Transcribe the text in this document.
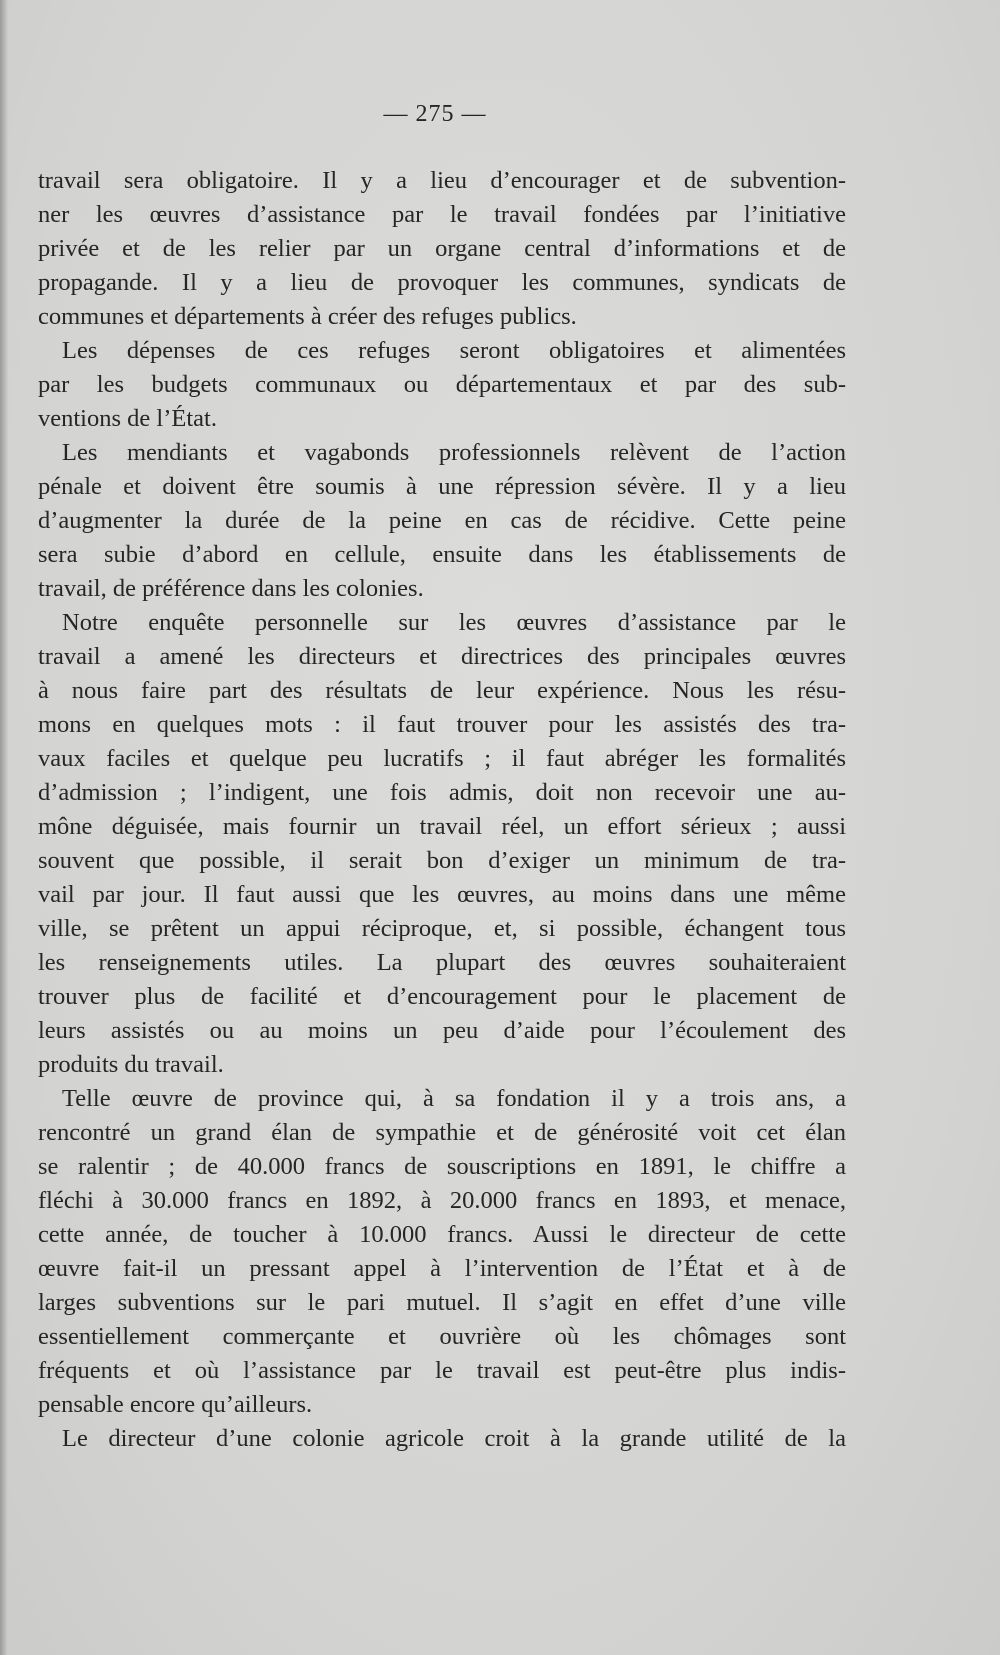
— 275 —
travail sera obligatoire. Il y a lieu d’encourager et de subvention-
ner les œuvres d’assistance par le travail fondées par l’initiative
privée et de les relier par un organe central d’informations et de
propagande. Il y a lieu de provoquer les communes, syndicats de
communes et départements à créer des refuges publics.
Les dépenses de ces refuges seront obligatoires et alimentées
par les budgets communaux ou départementaux et par des sub-
ventions de l’État.
Les mendiants et vagabonds professionnels relèvent de l’action
pénale et doivent être soumis à une répression sévère. Il y a lieu
d’augmenter la durée de la peine en cas de récidive. Cette peine
sera subie d’abord en cellule, ensuite dans les établissements de
travail, de préférence dans les colonies.
Notre enquête personnelle sur les œuvres d’assistance par le
travail a amené les directeurs et directrices des principales œuvres
à nous faire part des résultats de leur expérience. Nous les résu-
mons en quelques mots : il faut trouver pour les assistés des tra-
vaux faciles et quelque peu lucratifs ; il faut abréger les formalités
d’admission ; l’indigent, une fois admis, doit non recevoir une au-
mône déguisée, mais fournir un travail réel, un effort sérieux ; aussi
souvent que possible, il serait bon d’exiger un minimum de tra-
vail par jour. Il faut aussi que les œuvres, au moins dans une même
ville, se prêtent un appui réciproque, et, si possible, échangent tous
les renseignements utiles. La plupart des œuvres souhaiteraient
trouver plus de facilité et d’encouragement pour le placement de
leurs assistés ou au moins un peu d’aide pour l’écoulement des
produits du travail.
Telle œuvre de province qui, à sa fondation il y a trois ans, a
rencontré un grand élan de sympathie et de générosité voit cet élan
se ralentir ; de 40.000 francs de souscriptions en 1891, le chiffre a
fléchi à 30.000 francs en 1892, à 20.000 francs en 1893, et menace,
cette année, de toucher à 10.000 francs. Aussi le directeur de cette
œuvre fait-il un pressant appel à l’intervention de l’État et à de
larges subventions sur le pari mutuel. Il s’agit en effet d’une ville
essentiellement commerçante et ouvrière où les chômages sont
fréquents et où l’assistance par le travail est peut-être plus indis-
pensable encore qu’ailleurs.
Le directeur d’une colonie agricole croit à la grande utilité de la
